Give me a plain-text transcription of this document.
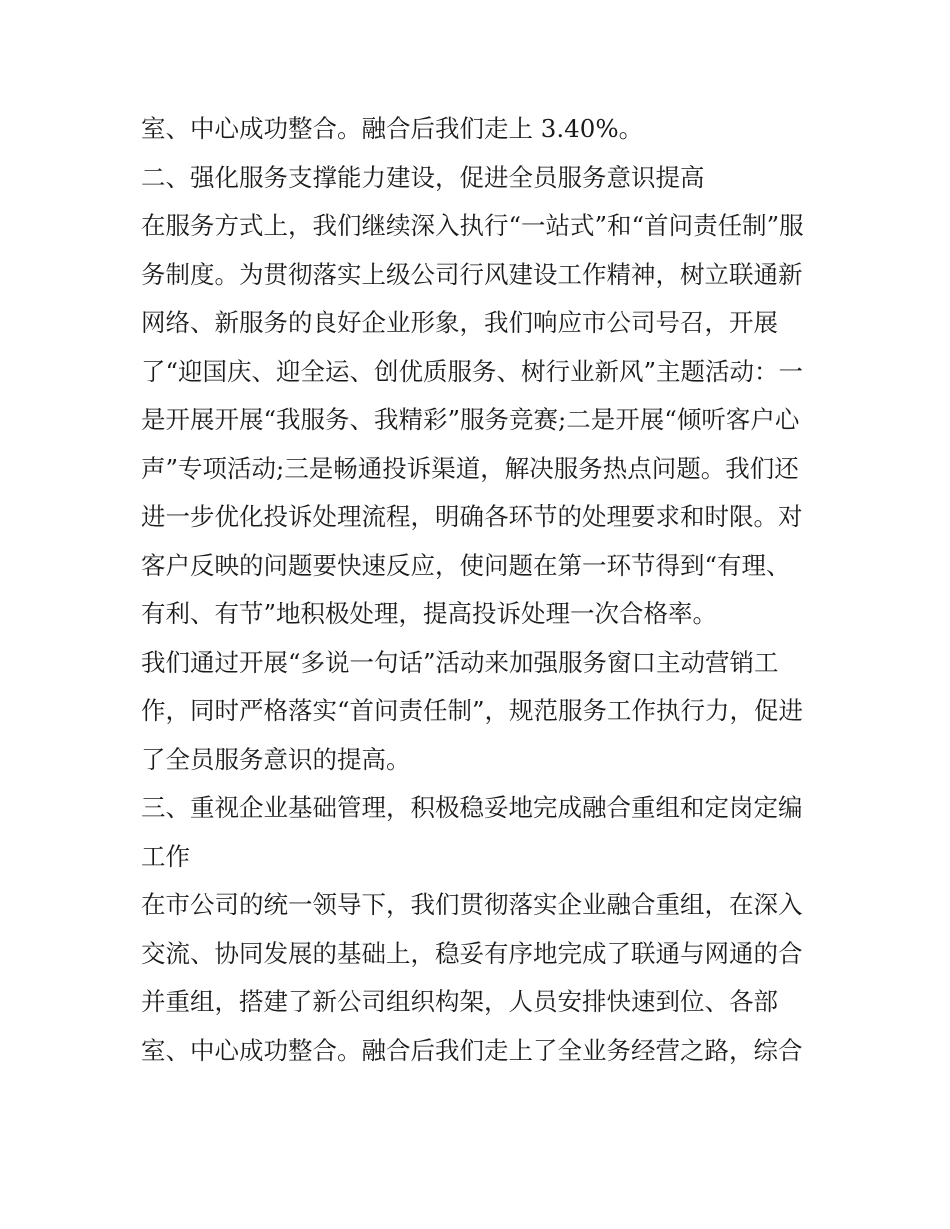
室、中心成功整合。融合后我们走上 3.40%。
二、强化服务支撑能力建设，促进全员服务意识提高
在服务方式上，我们继续深入执行“一站式”和“首问责任制”服
务制度。为贯彻落实上级公司行风建设工作精神，树立联通新
网络、新服务的良好企业形象，我们响应市公司号召，开展
了“迎国庆、迎全运、创优质服务、树行业新风”主题活动：一
是开展开展“我服务、我精彩”服务竞赛;二是开展“倾听客户心
声”专项活动;三是畅通投诉渠道，解决服务热点问题。我们还
进一步优化投诉处理流程，明确各环节的处理要求和时限。对
客户反映的问题要快速反应，使问题在第一环节得到“有理、
有利、有节”地积极处理，提高投诉处理一次合格率。
我们通过开展“多说一句话”活动来加强服务窗口主动营销工
作，同时严格落实“首问责任制”，规范服务工作执行力，促进
了全员服务意识的提高。
三、重视企业基础管理，积极稳妥地完成融合重组和定岗定编
工作
在市公司的统一领导下，我们贯彻落实企业融合重组，在深入
交流、协同发展的基础上，稳妥有序地完成了联通与网通的合
并重组，搭建了新公司组织构架，人员安排快速到位、各部
室、中心成功整合。融合后我们走上了全业务经营之路，综合
